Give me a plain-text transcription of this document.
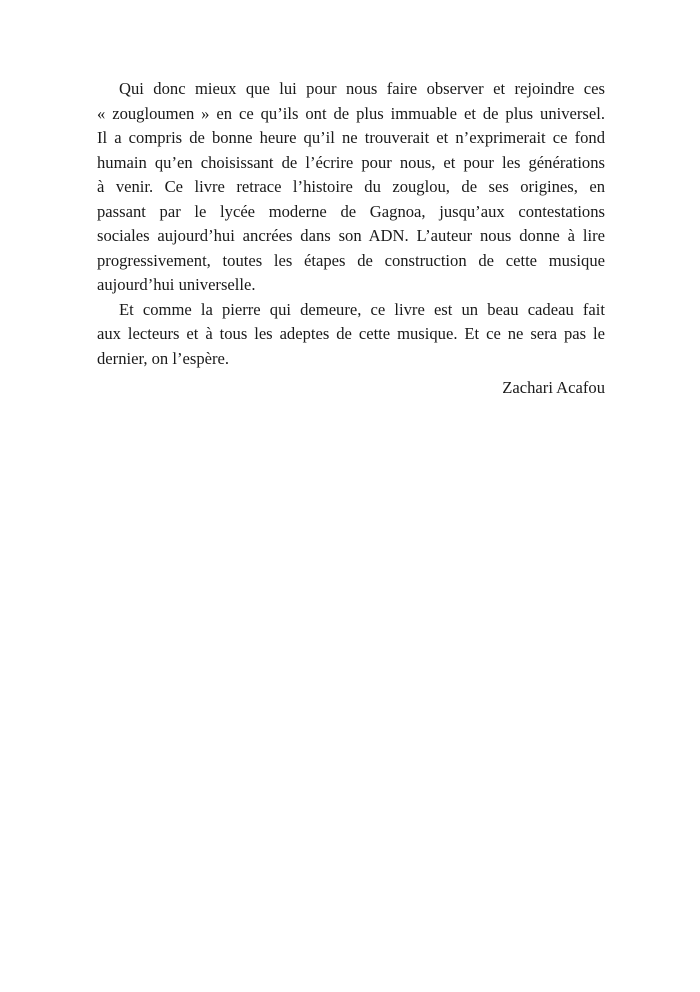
Qui donc mieux que lui pour nous faire observer et rejoindre ces
« zougloumen » en ce qu’ils ont de plus immuable et de plus universel.
Il a compris de bonne heure qu’il ne trouverait et n’exprimerait ce fond
humain qu’en choisissant de l’écrire pour nous, et pour les générations
à venir. Ce livre retrace l’histoire du zouglou, de ses origines, en
passant par le lycée moderne de Gagnoa, jusqu’aux contestations
sociales aujourd’hui ancrées dans son ADN. L’auteur nous donne à lire
progressivement, toutes les étapes de construction de cette musique
aujourd’hui universelle.
Et comme la pierre qui demeure, ce livre est un beau cadeau fait
aux lecteurs et à tous les adeptes de cette musique. Et ce ne sera pas le
dernier, on l’espère.
Zachari Acafou
